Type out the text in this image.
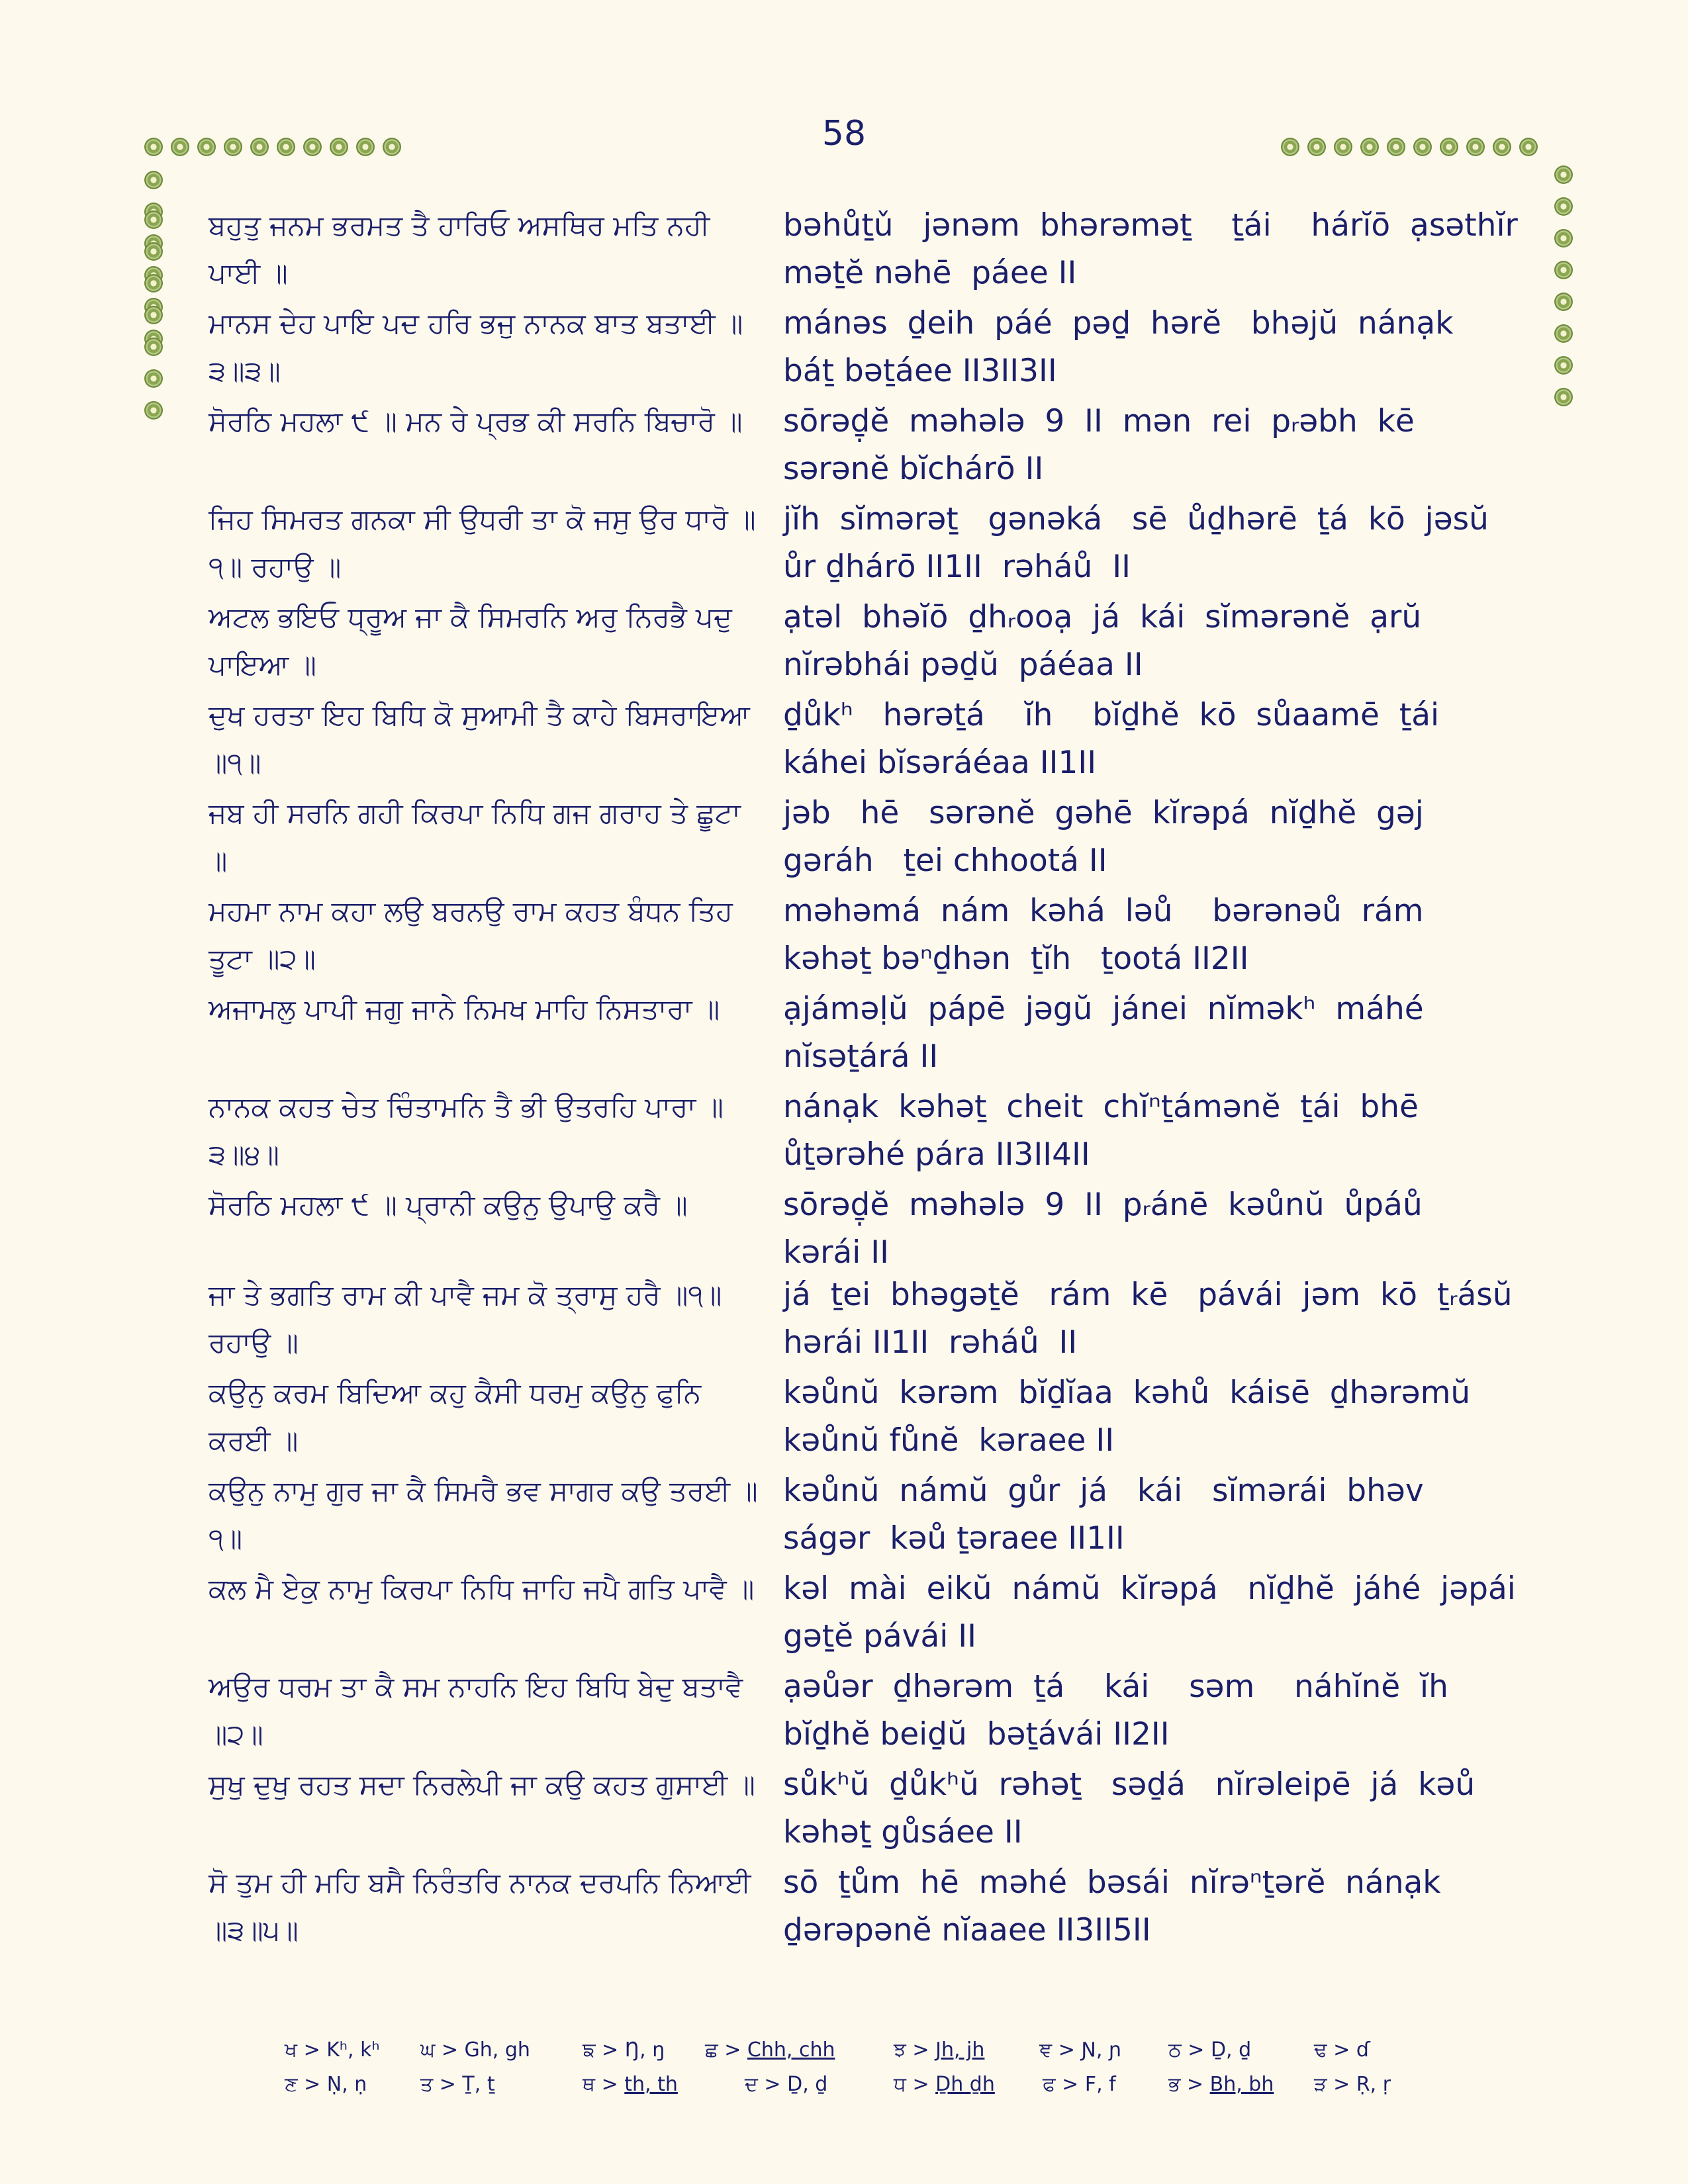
58
ਬਹੁਤੁ ਜਨਮ ਭਰਮਤ ਤੈ ਹਾਰਿਓ ਅਸਥਿਰ ਮਤਿ ਨਹੀ ਪਾਈ ॥
bəhůṯǔ   jənəm  bhərəməṯ    ṯái    hárĭō  ạsəthĭr məṯĕ nəhē  páee II
ਮਾਨਸ ਦੇਹ ਪਾਇ ਪਦ ਹਰਿ ਭਜੁ ਨਾਨਕ ਬਾਤ ਬਤਾਈ ॥੩॥੩॥
mánəs  ḏeih  páé  pəḏ  hərĕ   bhəjŭ  nánạk  báṯ bəṯáee II3II3II
ਸੋਰਠਿ ਮਹਲਾ ੯ ॥ ਮਨ ਰੇ ਪ੍ਰਭ ਕੀ ਸਰਨਿ ਬਿਚਾਰੋ ॥	sōrəḏ̣ĕ  məhələ  9  II  mən  rei  pᵣəbh  kē   sərənĕ bĭchárō II
ਜਿਹ ਸਿਮਰਤ ਗਨਕਾ ਸੀ ਉਧਰੀ ਤਾ ਕੋ ਜਸੁ ਉਰ ਧਾਰੋ ॥੧॥ ਰਹਾਉ ॥
jĭh  sĭmərəṯ   gənəká   sē  ůḏhərē  ṯá  kō  jəsŭ  ůr ḏhárō II1II  rəháů  II
ਅਟਲ ਭਇਓ ਧ੍ਰੂਅ ਜਾ ਕੈ ਸਿਮਰਨਿ ਅਰੁ ਨਿਰਭੈ ਪਦੁ ਪਾਇਆ ॥
ạtəl  bhəĭō  ḏhᵣooạ  já  kái  sĭmərənĕ  ạrŭ  nĭrəbhái pəḏŭ  páéaa II
ਦੁਖ ਹਰਤਾ ਇਹ ਬਿਧਿ ਕੋ ਸੁਆਮੀ ਤੈ ਕਾਹੇ ਬਿਸਰਾਇਆ ॥੧॥
ḏůkʰ   hərəṯá    ĭh    bĭḏhĕ  kō  sůaamē  ṯái  káhei bĭsəráéaa II1II
ਜਬ ਹੀ ਸਰਨਿ ਗਹੀ ਕਿਰਪਾ ਨਿਧਿ ਗਜ ਗਰਾਹ ਤੇ ਛੂਟਾ ॥
jəb   hē   sərənĕ  gəhē  kĭrəpá  nĭḏhĕ  gəj  gəráh   ṯei chhootá II
ਮਹਮਾ ਨਾਮ ਕਹਾ ਲਉ ਬਰਨਉ ਰਾਮ ਕਹਤ ਬੰਧਨ ਤਿਹ ਤੂਟਾ ॥੨॥
məhəmá  nám  kəhá  ləů    bərənəů  rám  kəhəṯ bəⁿḏhən  ṯĭh   ṯootá II2II
ਅਜਾਮਲੁ ਪਾਪੀ ਜਗੁ ਜਾਨੇ ਨਿਮਖ ਮਾਹਿ ਨਿਸਤਾਰਾ ॥	ạjáməḷŭ  pápē  jəgŭ  jánei  nĭməkʰ  máhé  nĭsəṯárá II
ਨਾਨਕ ਕਹਤ ਚੇਤ ਚਿੰਤਾਮਨਿ ਤੈ ਭੀ ਉਤਰਹਿ ਪਾਰਾ ॥੩॥੪॥
nánạk  kəhəṯ  cheit  chĭⁿṯámənĕ  ṯái  bhē  ůṯərəhé pára II3II4II
ਸੋਰਠਿ ਮਹਲਾ ੯ ॥ ਪ੍ਰਾਨੀ ਕਉਨੁ ਉਪਾਉ ਕਰੈ ॥	sōrəḏ̣ĕ  məhələ  9  II  pᵣánē  kəůnŭ  ůpáů  kərái II
ਜਾ ਤੇ ਭਗਤਿ ਰਾਮ ਕੀ ਪਾਵੈ ਜਮ ਕੋ ਤ੍ਰਾਸੁ ਹਰੈ ॥੧॥ ਰਹਾਉ ॥
já  ṯei  bhəgəṯĕ   rám  kē   pávái  jəm  kō  ṯᵣásŭ  hərái II1II  rəháů  II
ਕਉਨੁ ਕਰਮ ਬਿਦਿਆ ਕਹੁ ਕੈਸੀ ਧਰਮੁ ਕਉਨੁ ਫੁਨਿ ਕਰਈ ॥
kəůnŭ  kərəm  bĭḏĭaa  kəhů  káisē  ḏhərəmŭ  kəůnŭ fůnĕ  kəraee II
ਕਉਨੁ ਨਾਮੁ ਗੁਰ ਜਾ ਕੈ ਸਿਮਰੈ ਭਵ ਸਾਗਰ ਕਉ ਤਰਈ ॥੧॥
kəůnŭ  námŭ  gůr  já   kái   sĭmərái  bhəv  ságər  kəů ṯəraee II1II
ਕਲ ਮੈ ਏਕੁ ਨਾਮੁ ਕਿਰਪਾ ਨਿਧਿ ਜਾਹਿ ਜਪੈ ਗਤਿ ਪਾਵੈ ॥ kəl  mài  eikŭ  námŭ  kĭrəpá   nĭḏhĕ  jáhé  jəpái  gəṯĕ pávái II
ਅਉਰ ਧਰਮ ਤਾ ਕੈ ਸਮ ਨਾਹਨਿ ਇਹ ਬਿਧਿ ਬੇਦੁ ਬਤਾਵੈ ॥੨॥
ạəůər  ḏhərəm  ṯá    kái    səm    náhĭnĕ  ĭh    bĭḏhĕ beiḏŭ  bəṯávái II2II
ਸੁਖੁ ਦੁਖੁ ਰਹਤ ਸਦਾ ਨਿਰਲੇਪੀ ਜਾ ਕਉ ਕਹਤ ਗੁਸਾਈ ॥ sůkʰŭ  ḏůkʰŭ  rəhəṯ   səḏá   nĭrəleipē  já  kəů  kəhəṯ gůsáee II
ਸੋ ਤੁਮ ਹੀ ਮਹਿ ਬਸੈ ਨਿਰੰਤਰਿ ਨਾਨਕ ਦਰਪਨਿ ਨਿਆਈ ॥੩॥੫॥
sō  ṯům  hē  məhé  bəsái  nĭrəⁿṯərĕ  nánạk  ḏərəpənĕ nĭaaee II3II5II
ਖ > Kʰ, kʰ ਘ > Gh, gh	ਙ > Ŋ, ŋ ਛ > Chh, chh	ਝ > Jh, jh	ਞ > Ɲ, ɲ ਠ > Ḏ, ḏ	ਢ > ɗ
ਣ > Ṇ, ṇ	ਤ > Ṯ, ṯ	ਥ > th, th	ਦ > Ḏ, ḏ	ਧ > Ḏh ḏh ਫ > F, f	ਭ > Bh, bh ੜ > Ṛ, ṛ
